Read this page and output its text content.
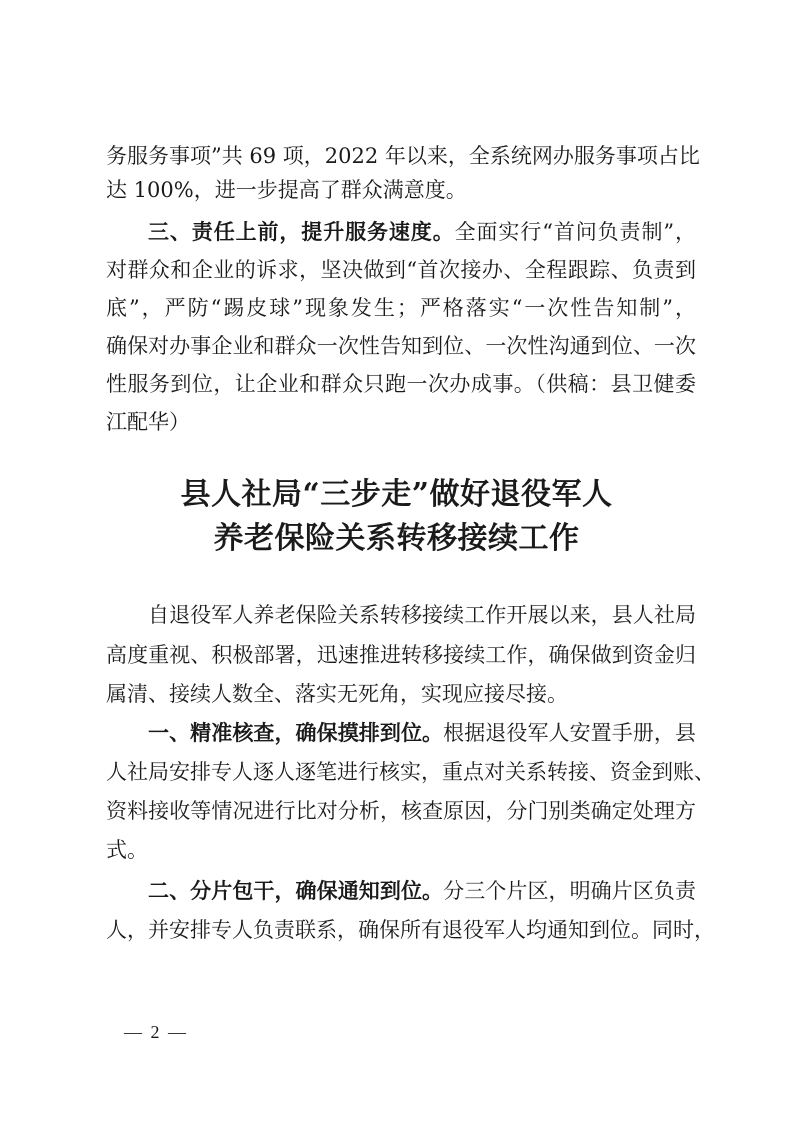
务服务事项”共 69 项，2022 年以来，全系统网办服务事项占比
达 100%，进一步提高了群众满意度。
三、责任上前，提升服务速度。全面实行“首问负责制”，
对群众和企业的诉求，坚决做到“首次接办、全程跟踪、负责到
底”，严防“踢皮球”现象发生；严格落实“一次性告知制”，
确保对办事企业和群众一次性告知到位、一次性沟通到位、一次
性服务到位，让企业和群众只跑一次办成事。（供稿：县卫健委
江配华）
县人社局“三步走”做好退役军人
养老保险关系转移接续工作
自退役军人养老保险关系转移接续工作开展以来，县人社局
高度重视、积极部署，迅速推进转移接续工作，确保做到资金归
属清、接续人数全、落实无死角，实现应接尽接。
一、精准核查，确保摸排到位。根据退役军人安置手册，县
人社局安排专人逐人逐笔进行核实，重点对关系转接、资金到账、
资料接收等情况进行比对分析，核查原因，分门别类确定处理方
式。
二、分片包干，确保通知到位。分三个片区，明确片区负责
人，并安排专人负责联系，确保所有退役军人均通知到位。同时，
— 2 —
